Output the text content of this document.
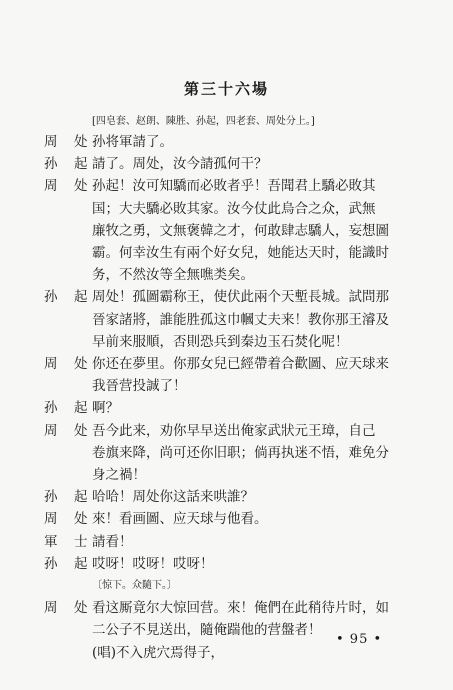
第三十六場
[四皂套、赵朗、陳胜、孙起，四老套、周处分上。]
周 处 孙将軍請了。
孙 起 請了。周处，汝今請孤何干？
周 处 孙起！汝可知驕而必敗者乎！吾聞君上驕必敗其
国；大夫驕必敗其家。汝今仗此烏合之众，武無
廉牧之勇，文無褒韓之才，何敢肆志驕人，妄想圖
霸。何幸汝生有兩个好女兒，她能达天时，能識时
务，不然汝等全無噍类矣。
孙 起 周处！孤圖霸称王，使伏此兩个天塹長城。試問那
晉家諸將，誰能胜孤这巾幗丈夫来！教你那王濬及
早前来服順，否則恐兵到秦边玉石焚化呢！
周 处 你还在夢里。你那女兒已經帶着合歡圖、应天球来
我晉营投誠了！
孙 起 啊？
周 处 吾今此来，劝你早早送出俺家武狀元王璋，自己
卷旗来降，尚可还你旧职；倘再执迷不悟，难免分
身之禍！
孙 起 哈哈！周处你这話来哄誰？
周 处 來！看画圖、应天球与他看。
軍 士 請看！
孙 起 哎呀！哎呀！哎呀！
〔惊下。众隨下。〕
周 处 看这厮竟尔大惊回营。來！俺們在此稍待片时，如
二公子不見送出，隨俺踹他的营盤者！
(唱)不入虎穴焉得子，
• 95 •
